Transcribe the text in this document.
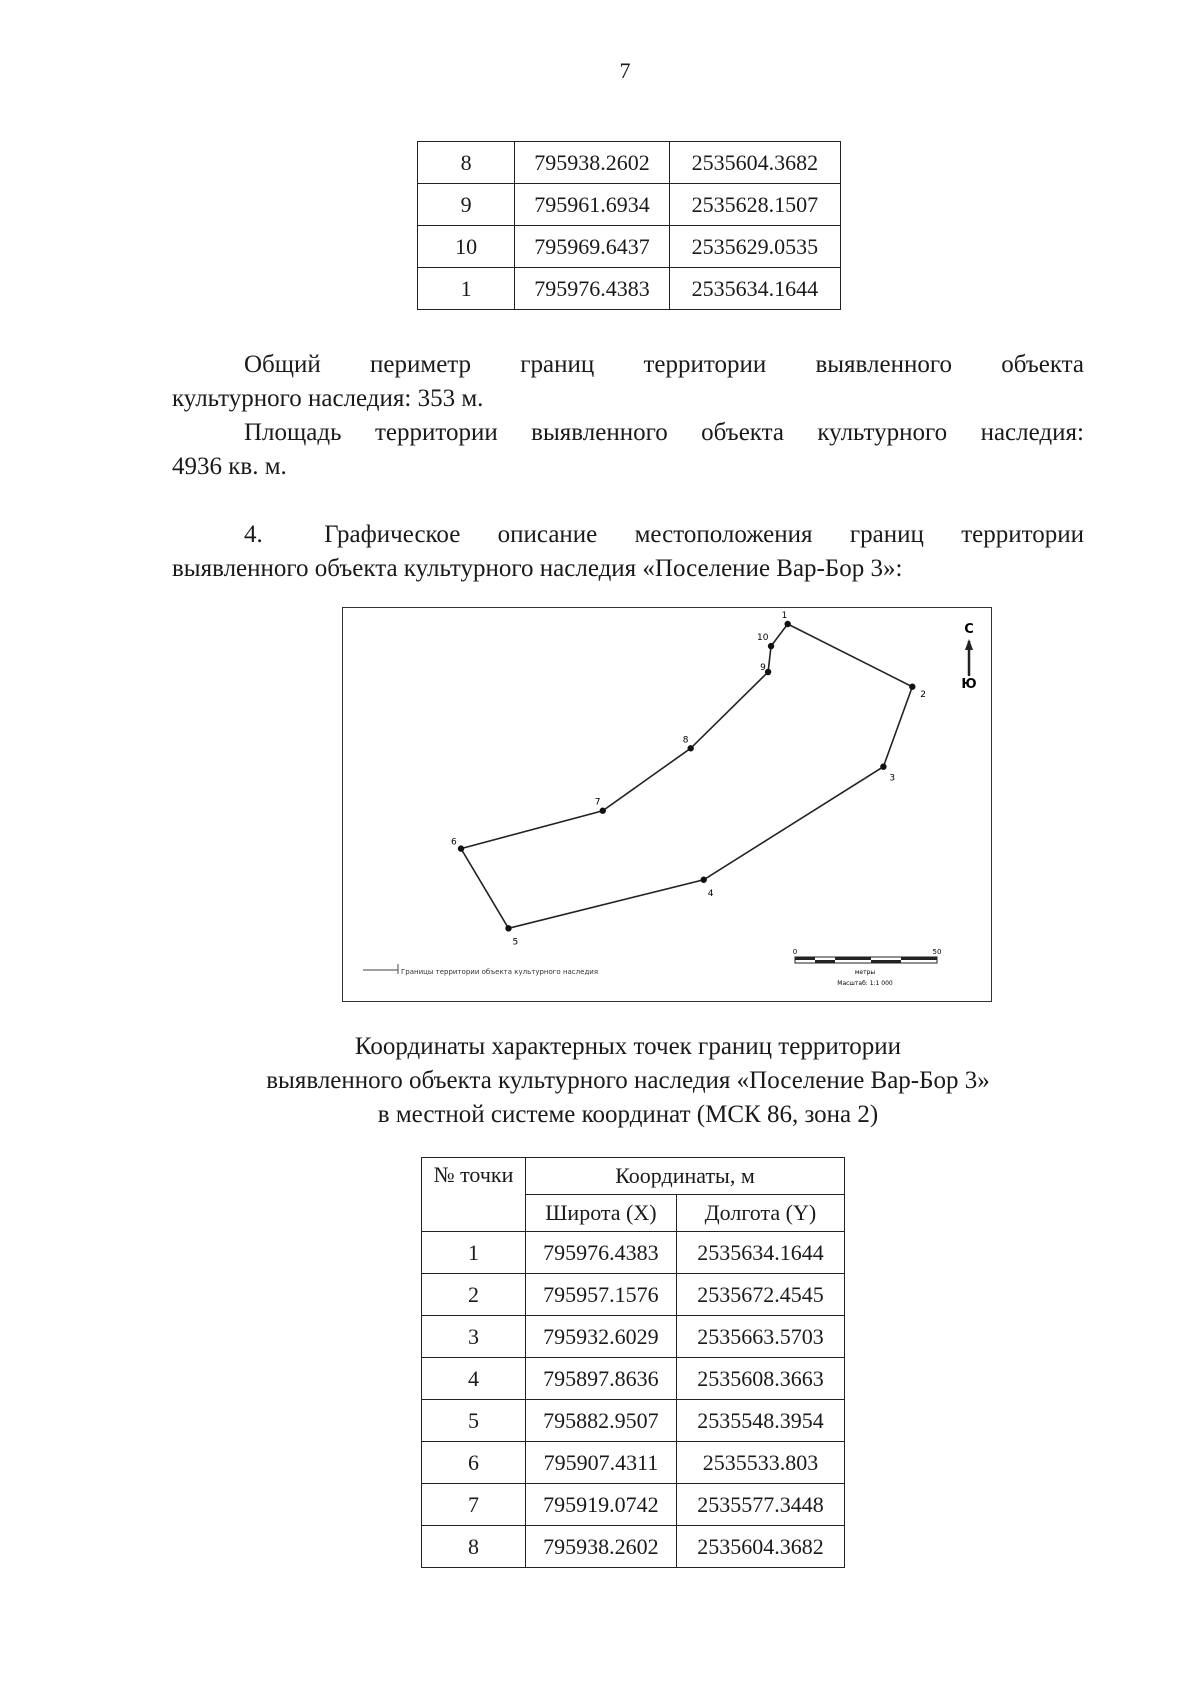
7
8	795938.2602	2535604.3682
9	795961.6934	2535628.1507
10	795969.6437	2535629.0535
1	795976.4383	2535634.1644
Общий периметр границ территории выявленного объекта
культурного наследия: 353 м.
Площадь территории выявленного объекта культурного наследия:
4936 кв. м.
4. Графическое описание местоположения границ территории
выявленного объекта культурного наследия «Поселение Вар-Бор 3»:
1
2
3
4
5
6
7
8
9
10
С
Ю
Границы территории объекта культурного наследия
0	50
метры
Масштаб: 1:1 000
Координаты характерных точек границ территории
выявленного объекта культурного наследия «Поселение Вар-Бор 3»
в местной системе координат (МСК 86, зона 2)
№ точки	Координаты, м	
	Широта (X)	Долгота (Y)
1	795976.4383	2535634.1644
2	795957.1576	2535672.4545
3	795932.6029	2535663.5703
4	795897.8636	2535608.3663
5	795882.9507	2535548.3954
6	795907.4311	2535533.803
7	795919.0742	2535577.3448
8	795938.2602	2535604.3682
